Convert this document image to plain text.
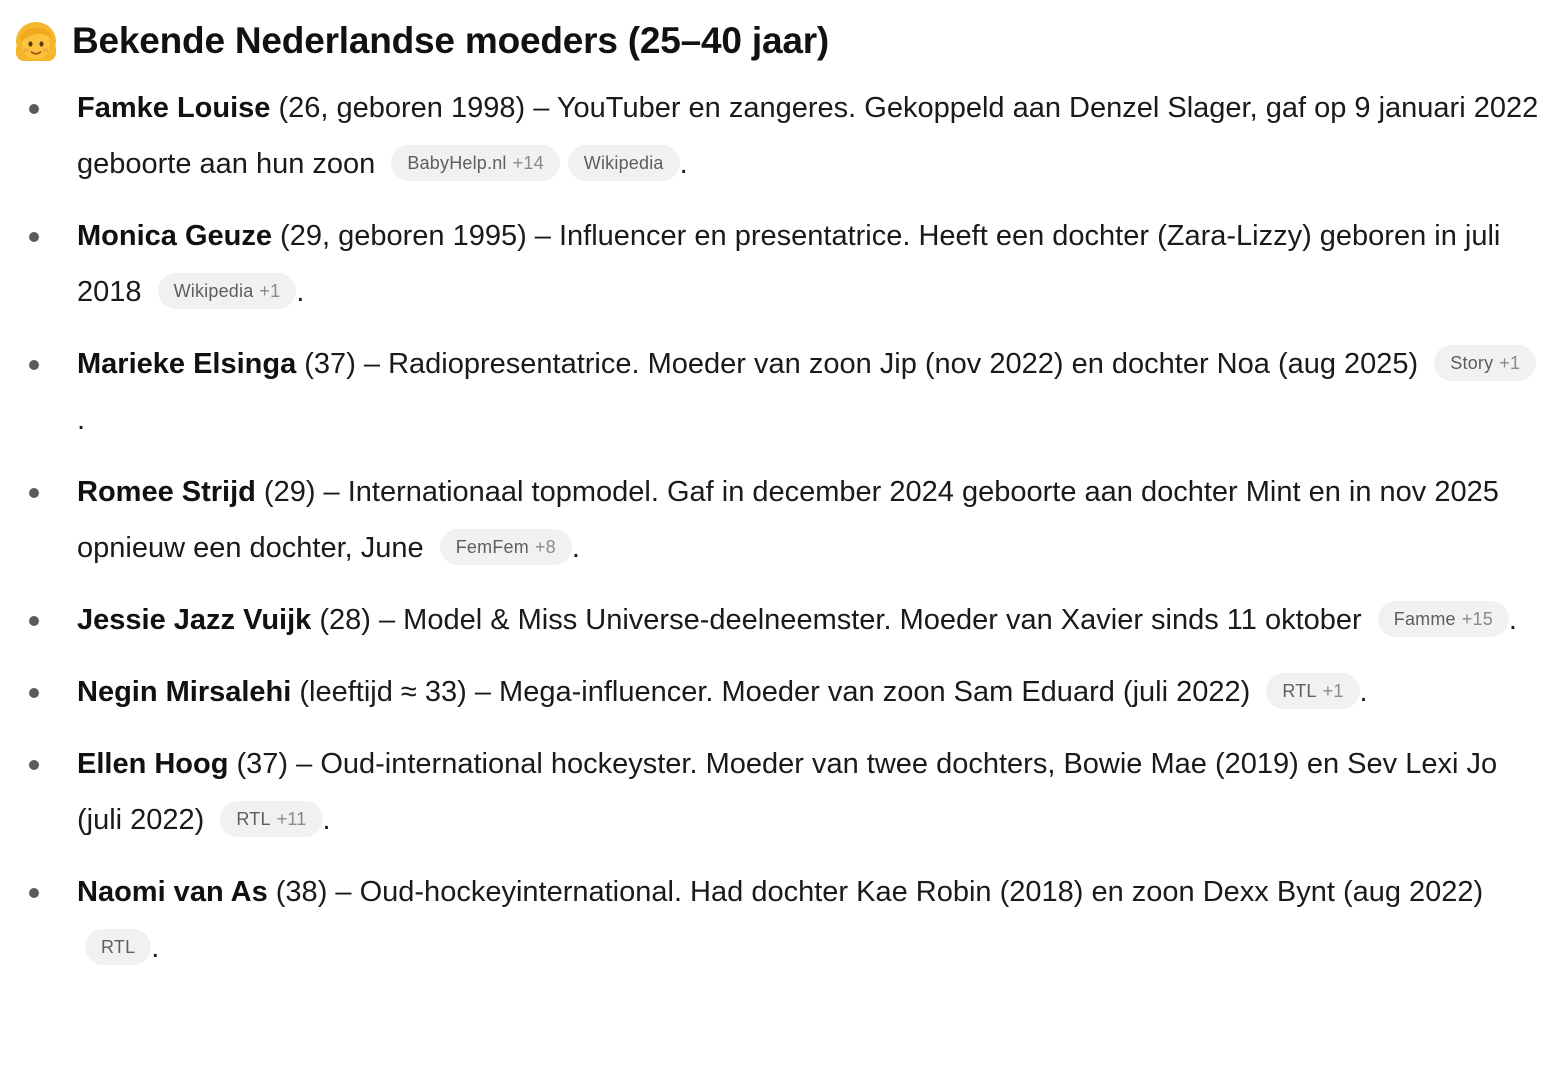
Bekende Nederlandse moeders (25–40 jaar)
Famke Louise (26, geboren 1998) – YouTuber en zangeres. Gekoppeld aan Denzel Slager, gaf op 9 januari 2022 geboorte aan hun zoon BabyHelp.nl +14 Wikipedia .
Monica Geuze (29, geboren 1995) – Influencer en presentatrice. Heeft een dochter (Zara-Lizzy) geboren in juli 2018 Wikipedia +1 .
Marieke Elsinga (37) – Radiopresentatrice. Moeder van zoon Jip (nov 2022) en dochter Noa (aug 2025) Story +1.
Romee Strijd (29) – Internationaal topmodel. Gaf in december 2024 geboorte aan dochter Mint en in nov 2025 opnieuw een dochter, June FemFem +8 .
Jessie Jazz Vuijk (28) – Model & Miss Universe-deelneemster. Moeder van Xavier sinds 11 oktober Famme +15 .
Negin Mirsalehi (leeftijd ≈ 33) – Mega-influencer. Moeder van zoon Sam Eduard (juli 2022) RTL +1 .
Ellen Hoog (37) – Oud-international hockeyster. Moeder van twee dochters, Bowie Mae (2019) en Sev Lexi Jo (juli 2022) RTL +11 .
Naomi van As (38) – Oud-hockeyinternational. Had dochter Kae Robin (2018) en zoon Dexx Bynt (aug 2022) RTL .
